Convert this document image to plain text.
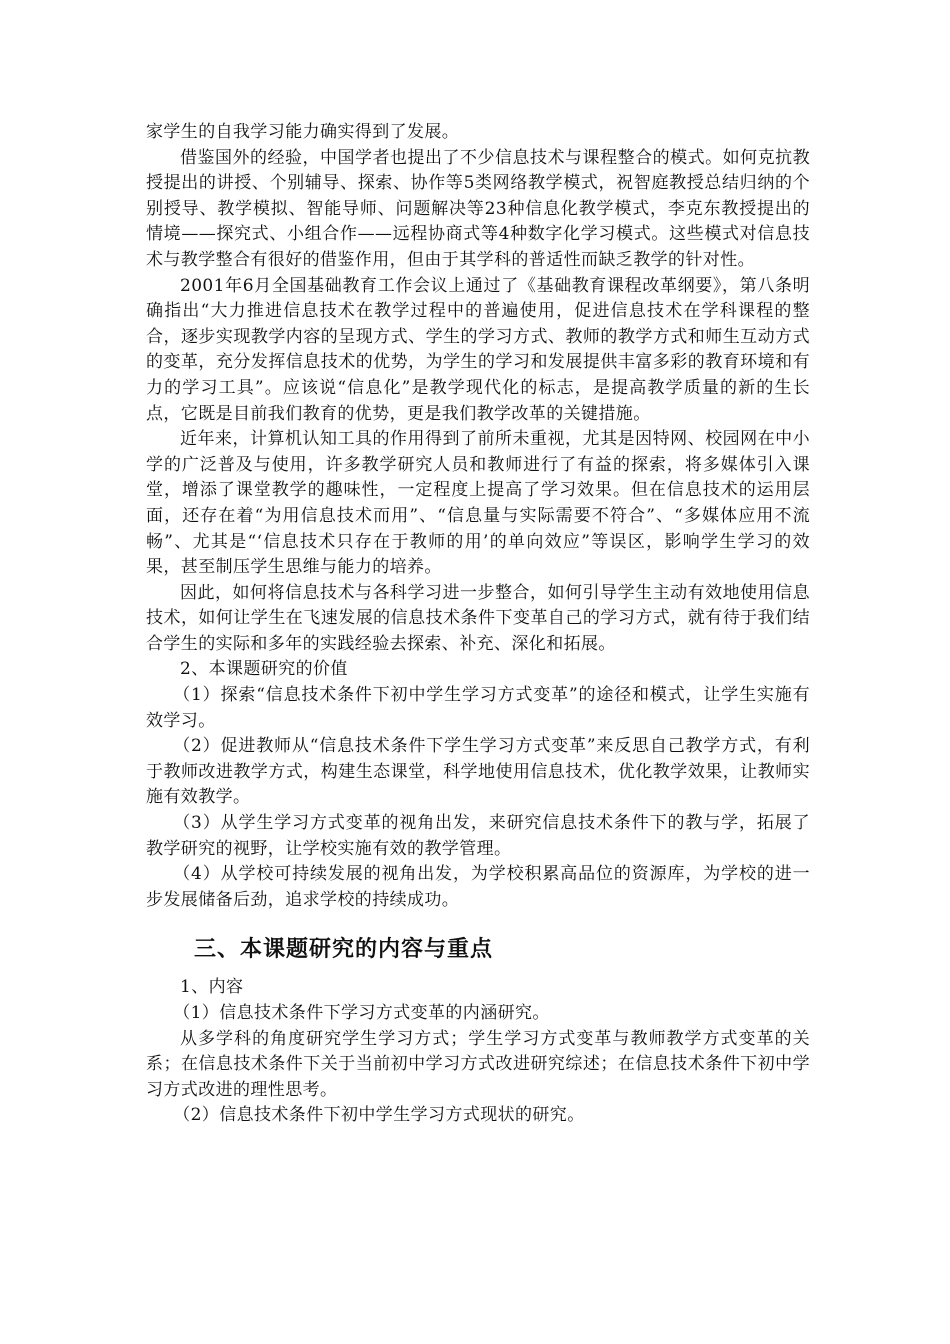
家学生的自我学习能力确实得到了发展。

借鉴国外的经验，中国学者也提出了不少信息技术与课程整合的模式。如何克抗教授提出的讲授、个别辅导、探索、协作等5类网络教学模式，祝智庭教授总结归纳的个别授导、教学模拟、智能导师、问题解决等23种信息化教学模式，李克东教授提出的情境——探究式、小组合作——远程协商式等4种数字化学习模式。这些模式对信息技术与教学整合有很好的借鉴作用，但由于其学科的普适性而缺乏教学的针对性。

2001年6月全国基础教育工作会议上通过了《基础教育课程改革纲要》，第八条明确指出“大力推进信息技术在教学过程中的普遍使用，促进信息技术在学科课程的整合，逐步实现教学内容的呈现方式、学生的学习方式、教师的教学方式和师生互动方式的变革，充分发挥信息技术的优势，为学生的学习和发展提供丰富多彩的教育环境和有力的学习工具”。应该说“信息化”是教学现代化的标志，是提高教学质量的新的生长点，它既是目前我们教育的优势，更是我们教学改革的关键措施。

近年来，计算机认知工具的作用得到了前所未重视，尤其是因特网、校园网在中小学的广泛普及与使用，许多教学研究人员和教师进行了有益的探索，将多媒体引入课堂，增添了课堂教学的趣味性，一定程度上提高了学习效果。但在信息技术的运用层面，还存在着“为用信息技术而用”、“信息量与实际需要不符合”、“多媒体应用不流畅”、尤其是“‘信息技术只存在于教师的用’的单向效应”等误区，影响学生学习的效果，甚至制压学生思维与能力的培养。

因此，如何将信息技术与各科学习进一步整合，如何引导学生主动有效地使用信息技术，如何让学生在飞速发展的信息技术条件下变革自己的学习方式，就有待于我们结合学生的实际和多年的实践经验去探索、补充、深化和拓展。

2、本课题研究的价值

（1）探索“信息技术条件下初中学生学习方式变革”的途径和模式，让学生实施有效学习。

（2）促进教师从“信息技术条件下学生学习方式变革”来反思自己教学方式，有利于教师改进教学方式，构建生态课堂，科学地使用信息技术，优化教学效果，让教师实施有效教学。

（3）从学生学习方式变革的视角出发，来研究信息技术条件下的教与学，拓展了教学研究的视野，让学校实施有效的教学管理。

（4）从学校可持续发展的视角出发，为学校积累高品位的资源库，为学校的进一步发展储备后劲，追求学校的持续成功。

三、本课题研究的内容与重点

1、内容

（1）信息技术条件下学习方式变革的内涵研究。

从多学科的角度研究学生学习方式；学生学习方式变革与教师教学方式变革的关系；在信息技术条件下关于当前初中学习方式改进研究综述；在信息技术条件下初中学习方式改进的理性思考。

（2）信息技术条件下初中学生学习方式现状的研究。
